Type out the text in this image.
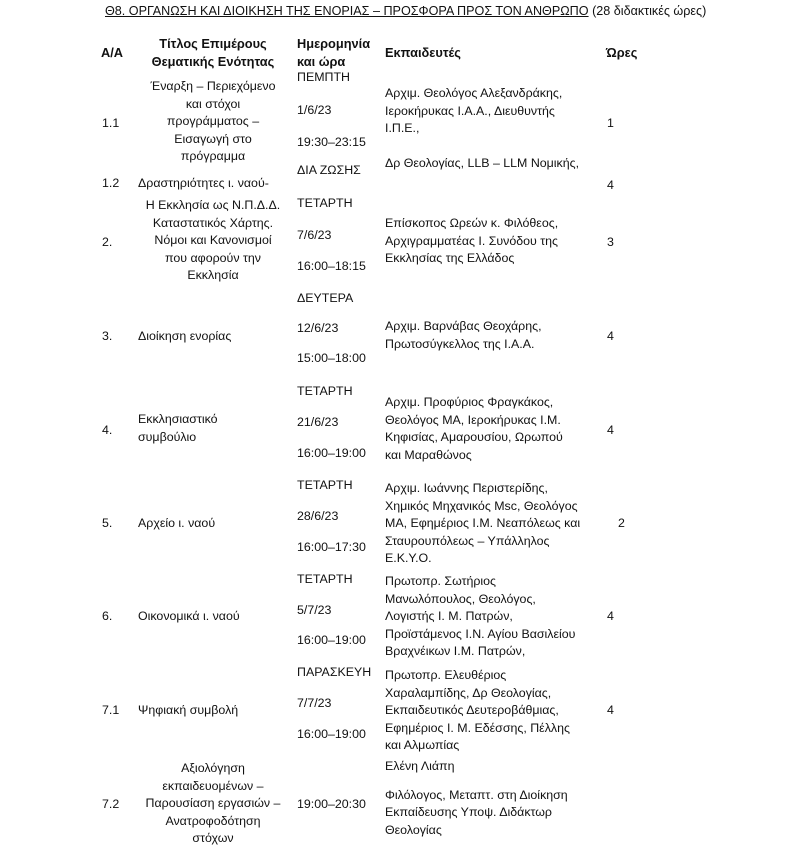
Θ8. ΟΡΓΑΝΩΣΗ ΚΑΙ ΔΙΟΙΚΗΣΗ ΤΗΣ ΕΝΟΡΙΑΣ – ΠΡΟΣΦΟΡΑ ΠΡΟΣ ΤΟΝ ΑΝΘΡΩΠΟ (28 διδακτικές ώρες)
Α/Α
Τίτλος Επιμέρους
Θεματικής Ενότητας
Ημερομηνία
και ώρα
Εκπαιδευτές	Ώρες
1.1
Έναρξη – Περιεχόμενο
και στόχοι
προγράμματος –
Εισαγωγή στο
πρόγραμμα
ΠΕΜΠΤΗ
1/6/23
19:30–23:15
Αρχιμ. Θεολόγος Αλεξανδράκης,
Ιεροκήρυκας Ι.Α.Α., Διευθυντής
Ι.Π.Ε.,
Δρ Θεολογίας, LLB – LLM Νομικής,
1
1.2 Δραστηριότητες ι. ναού-
ΔΙΑ ΖΩΣΗΣ
4
2.
Η Εκκλησία ως Ν.Π.Δ.Δ.
Καταστατικός Χάρτης.
Νόμοι και Κανονισμοί
που αφορούν την
Εκκλησία
ΤΕΤΑΡΤΗ
7/6/23
16:00–18:15
Επίσκοπος Ωρεών κ. Φιλόθεος,
Αρχιγραμματέας Ι. Συνόδου της
Εκκλησίας της Ελλάδος
3
3. Διοίκηση ενορίας
ΔΕΥΤΕΡΑ
12/6/23
15:00–18:00
Αρχιμ. Βαρνάβας Θεοχάρης,
Πρωτοσύγκελλος της Ι.Α.Α.
4
4.
Εκκλησιαστικό
συμβούλιο
ΤΕΤΑΡΤΗ
21/6/23
16:00–19:00
Αρχιμ. Προφύριος Φραγκάκος,
Θεολόγος ΜΑ, Ιεροκήρυκας Ι.Μ.
Κηφισίας, Αμαρουσίου, Ωρωπού
και Μαραθώνος
4
5. Αρχείο ι. ναού
ΤΕΤΑΡΤΗ
28/6/23
16:00–17:30
Αρχιμ. Ιωάννης Περιστερίδης,
Χημικός Μηχανικός Msc, Θεολόγος
ΜΑ, Εφημέριος Ι.Μ. Νεαπόλεως και
Σταυρουπόλεως – Υπάλληλος
Ε.Κ.Υ.Ο.
2
6. Οικονομικά ι. ναού
ΤΕΤΑΡΤΗ
5/7/23
16:00–19:00
Πρωτοπρ. Σωτήριος
Μανωλόπουλος, Θεολόγος,
Λογιστής Ι. Μ. Πατρών,
Προϊστάμενος Ι.Ν. Αγίου Βασιλείου
Βραχνέικων Ι.Μ. Πατρών,
4
7.1 Ψηφιακή συμβολή
ΠΑΡΑΣΚΕΥΗ
7/7/23
16:00–19:00
Πρωτοπρ. Ελευθέριος
Χαραλαμπίδης, Δρ Θεολογίας,
Εκπαιδευτικός Δευτεροβάθμιας,
Εφημέριος Ι. Μ. Εδέσσης, Πέλλης
και Αλμωπίας
4
7.2
Αξιολόγηση
εκπαιδευομένων –
Παρουσίαση εργασιών –
Ανατροφοδότηση
στόχων
19:00–20:30
Ελένη Λιάπη
Φιλόλογος, Μεταπτ. στη Διοίκηση
Εκπαίδευσης Υποψ. Διδάκτωρ
Θεολογίας
